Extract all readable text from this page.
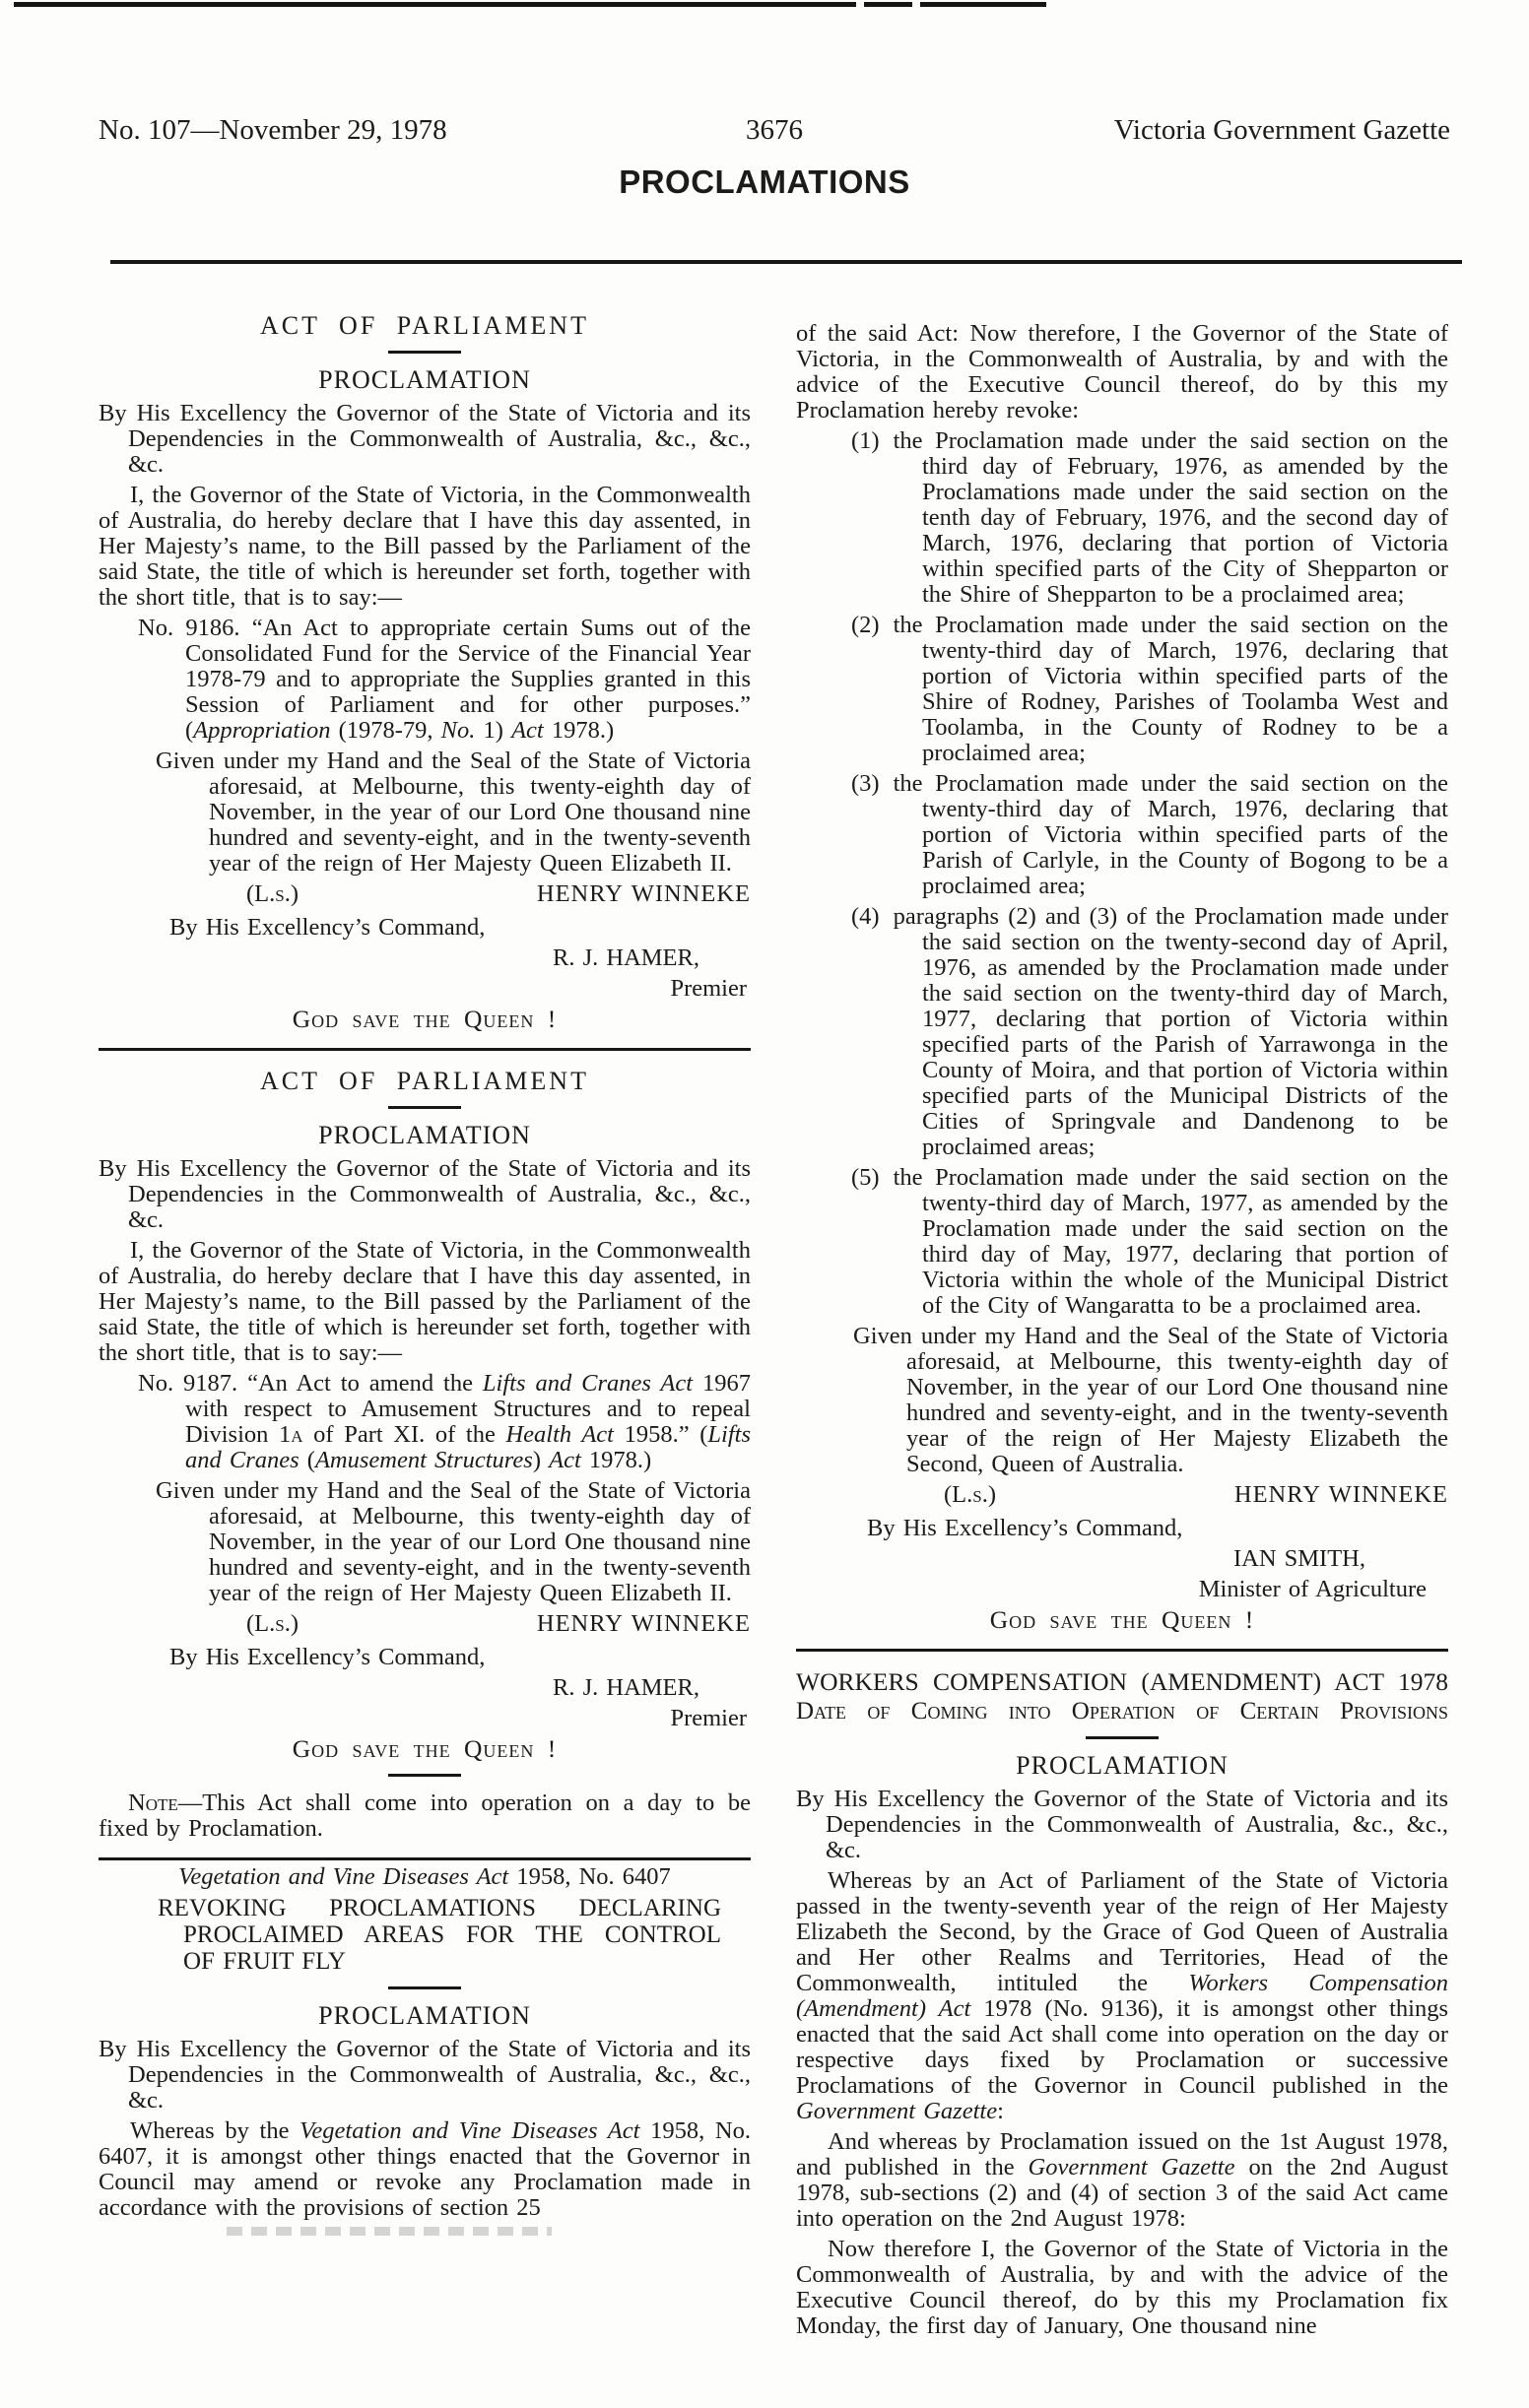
No. 107—November 29, 1978	3676	Victoria Government Gazette
PROCLAMATIONS
ACT OF PARLIAMENT
PROCLAMATION

By His Excellency the Governor of the State of Victoria and its Dependencies in the Commonwealth of Australia, &c., &c., &c.

I, the Governor of the State of Victoria, in the Commonwealth of Australia, do hereby declare that I have this day assented, in Her Majesty’s name, to the Bill passed by the Parliament of the said State, the title of which is hereunder set forth, together with the short title, that is to say:—

No. 9186. “An Act to appropriate certain Sums out of the Consolidated Fund for the Service of the Financial Year 1978-79 and to appropriate the Supplies granted in this Session of Parliament and for other purposes.” (Appropriation (1978-79, No. 1) Act 1978.)

Given under my Hand and the Seal of the State of Victoria aforesaid, at Melbourne, this twenty-eighth day of November, in the year of our Lord One thousand nine hundred and seventy-eight, and in the twenty-seventh year of the reign of Her Majesty Queen Elizabeth II.

(L.s.)	HENRY WINNEKE

By His Excellency’s Command,

R. J. HAMER,

Premier

God save the Queen !

ACT OF PARLIAMENT
PROCLAMATION

By His Excellency the Governor of the State of Victoria and its Dependencies in the Commonwealth of Australia, &c., &c., &c.

I, the Governor of the State of Victoria, in the Commonwealth of Australia, do hereby declare that I have this day assented, in Her Majesty’s name, to the Bill passed by the Parliament of the said State, the title of which is hereunder set forth, together with the short title, that is to say:—

No. 9187. “An Act to amend the Lifts and Cranes Act 1967 with respect to Amusement Structures and to repeal Division 1a of Part XI. of the Health Act 1958.” (Lifts and Cranes (Amusement Structures) Act 1978.)

Given under my Hand and the Seal of the State of Victoria aforesaid, at Melbourne, this twenty-eighth day of November, in the year of our Lord One thousand nine hundred and seventy-eight, and in the twenty-seventh year of the reign of Her Majesty Queen Elizabeth II.

(L.s.)	HENRY WINNEKE

By His Excellency’s Command,

R. J. HAMER,

Premier

God save the Queen !

Note—This Act shall come into operation on a day to be fixed by Proclamation.

Vegetation and Vine Diseases Act 1958, No. 6407

REVOKING PROCLAMATIONS DECLARING
PROCLAIMED AREAS FOR THE CONTROL
OF FRUIT FLY
PROCLAMATION

By His Excellency the Governor of the State of Victoria and its Dependencies in the Commonwealth of Australia, &c., &c., &c.

Whereas by the Vegetation and Vine Diseases Act 1958, No. 6407, it is amongst other things enacted that the Governor in Council may amend or revoke any Proclamation made in accordance with the provisions of section 25

of the said Act: Now therefore, I the Governor of the State of Victoria, in the Commonwealth of Australia, by and with the advice of the Executive Council thereof, do by this my Proclamation hereby revoke:

(1) the Proclamation made under the said section on the third day of February, 1976, as amended by the Proclamations made under the said section on the tenth day of February, 1976, and the second day of March, 1976, declaring that portion of Victoria within specified parts of the City of Shepparton or the Shire of Shepparton to be a proclaimed area;

(2) the Proclamation made under the said section on the twenty-third day of March, 1976, declaring that portion of Victoria within specified parts of the Shire of Rodney, Parishes of Toolamba West and Toolamba, in the County of Rodney to be a proclaimed area;

(3) the Proclamation made under the said section on the twenty-third day of March, 1976, declaring that portion of Victoria within specified parts of the Parish of Carlyle, in the County of Bogong to be a proclaimed area;

(4) paragraphs (2) and (3) of the Proclamation made under the said section on the twenty-second day of April, 1976, as amended by the Proclamation made under the said section on the twenty-third day of March, 1977, declaring that portion of Victoria within specified parts of the Parish of Yarrawonga in the County of Moira, and that portion of Victoria within specified parts of the Municipal Districts of the Cities of Springvale and Dandenong to be proclaimed areas;

(5) the Proclamation made under the said section on the twenty-third day of March, 1977, as amended by the Proclamation made under the said section on the third day of May, 1977, declaring that portion of Victoria within the whole of the Municipal District of the City of Wangaratta to be a proclaimed area.

Given under my Hand and the Seal of the State of Victoria aforesaid, at Melbourne, this twenty-eighth day of November, in the year of our Lord One thousand nine hundred and seventy-eight, and in the twenty-seventh year of the reign of Her Majesty Elizabeth the Second, Queen of Australia.

(L.s.)	HENRY WINNEKE

By His Excellency’s Command,

IAN SMITH,

Minister of Agriculture

God save the Queen !

WORKERS COMPENSATION (AMENDMENT) ACT 1978

Date of Coming into Operation of Certain Provisions

PROCLAMATION

By His Excellency the Governor of the State of Victoria and its Dependencies in the Commonwealth of Australia, &c., &c., &c.

Whereas by an Act of Parliament of the State of Victoria passed in the twenty-seventh year of the reign of Her Majesty Elizabeth the Second, by the Grace of God Queen of Australia and Her other Realms and Territories, Head of the Commonwealth, intituled the Workers Compensation (Amendment) Act 1978 (No. 9136), it is amongst other things enacted that the said Act shall come into operation on the day or respective days fixed by Proclamation or successive Proclamations of the Governor in Council published in the Government Gazette:

And whereas by Proclamation issued on the 1st August 1978, and published in the Government Gazette on the 2nd August 1978, sub-sections (2) and (4) of section 3 of the said Act came into operation on the 2nd August 1978:

Now therefore I, the Governor of the State of Victoria in the Commonwealth of Australia, by and with the advice of the Executive Council thereof, do by this my Proclamation fix Monday, the first day of January, One thousand nine
